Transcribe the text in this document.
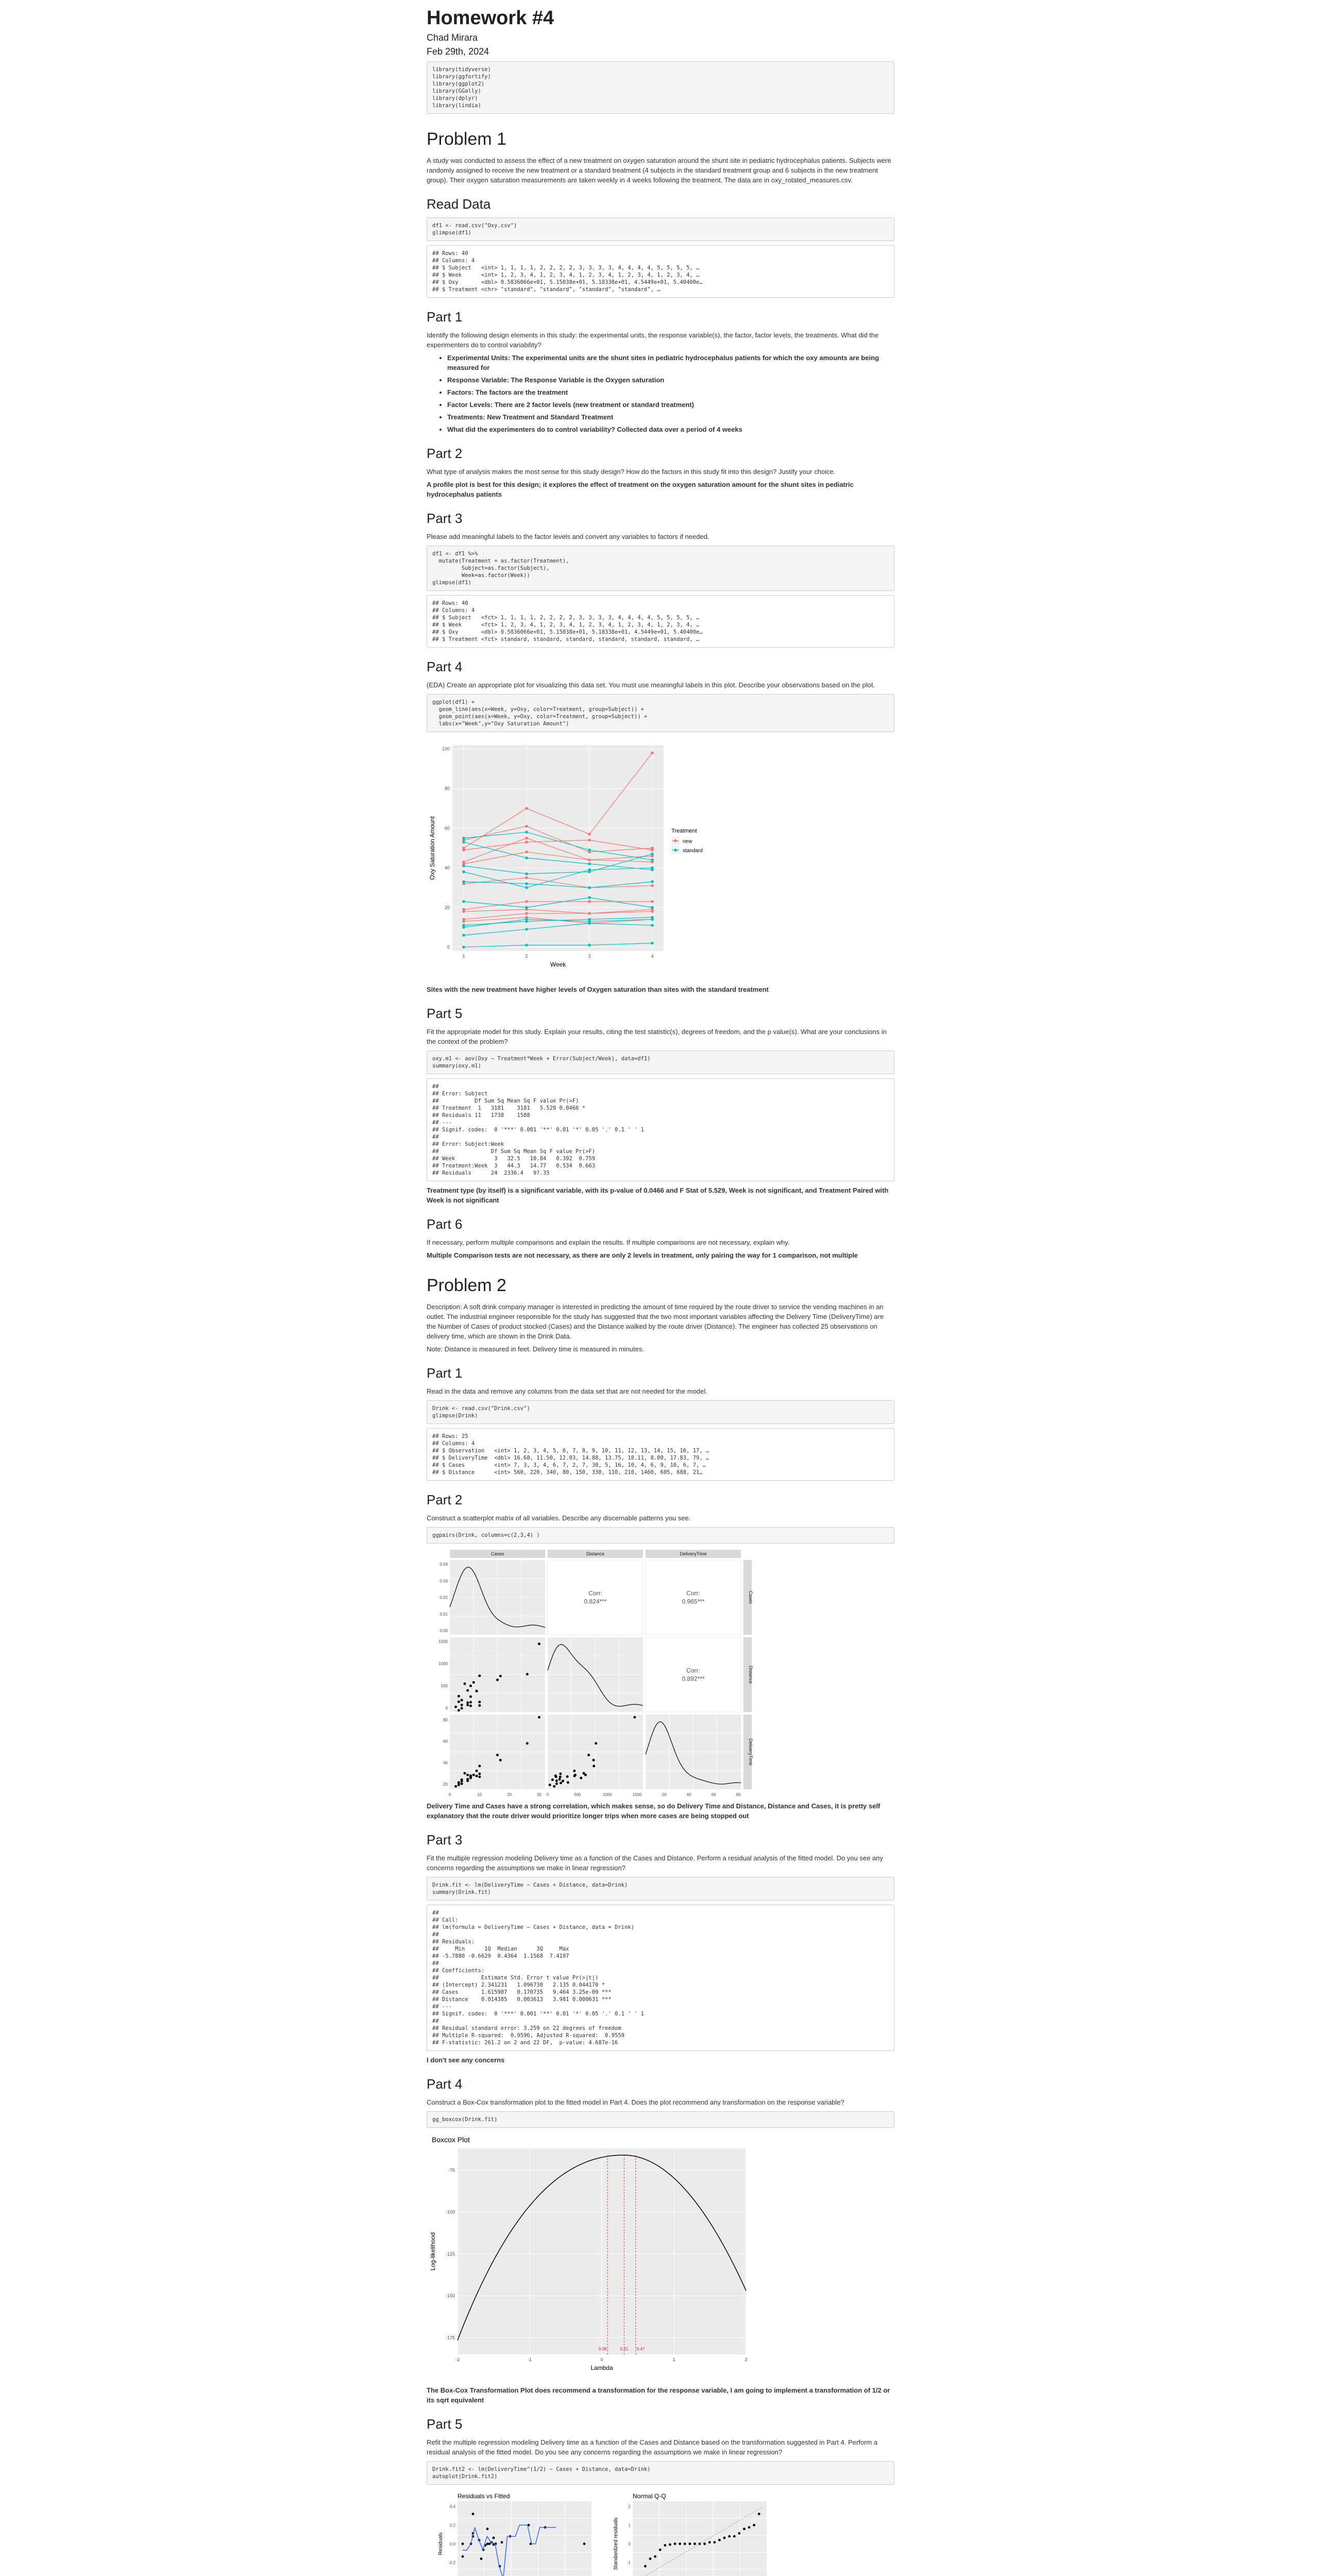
Homework #4
Chad Mirara
Feb 29th, 2024
library(tidyverse)
library(ggfortify)
library(ggplot2)
library(GGally)
library(dplyr)
library(lindia)
Problem 1

A study was conducted to assess the effect of a new treatment on oxygen saturation around the shunt site in pediatric hydrocephalus patients. Subjects were randomly assigned to receive the new treatment or a standard treatment (4 subjects in the standard treatment group and 6 subjects in the new treatment group). Their oxygen saturation measurements are taken weekly in 4 weeks following the treatment. The data are in oxy_rotated_measures.csv.

Read Data
df1 <- read.csv("Oxy.csv")
glimpse(df1)
## Rows: 40
## Columns: 4
## $ Subject   <int> 1, 1, 1, 1, 2, 2, 2, 2, 3, 3, 3, 3, 4, 4, 4, 4, 5, 5, 5, 5, …
## $ Week      <int> 1, 2, 3, 4, 1, 2, 3, 4, 1, 2, 3, 4, 1, 2, 3, 4, 1, 2, 3, 4, …
## $ Oxy       <dbl> 0.5836066e+01, 5.15038e+01, 5.18338e+01, 4.5449e+01, 5.40400e…
## $ Treatment <chr> "standard", "standard", "standard", "standard", …
Part 1

Identify the following design elements in this study: the experimental units, the response variable(s), the factor, factor levels, the treatments. What did the experimenters do to control variability?

• Experimental Units: The experimental units are the shunt sites in pediatric hydrocephalus patients for which the oxy amounts are being measured for
• Response Variable: The Response Variable is the Oxygen saturation
• Factors: The factors are the treatment
• Factor Levels: There are 2 factor levels (new treatment or standard treatment)
• Treatments: New Treatment and Standard Treatment
• What did the experimenters do to control variability? Collected data over a period of 4 weeks
Part 2

What type of analysis makes the most sense for this study design? How do the factors in this study fit into this design? Justify your choice.

A profile plot is best for this design; it explores the effect of treatment on the oxygen saturation amount for the shunt sites in pediatric hydrocephalus patients

Part 3

Please add meaningful labels to the factor levels and convert any variables to factors if needed.

df1 <- df1 %>%
mutate(Treatment = as.factor(Treatment),
Subject=as.factor(Subject),
Week=as.factor(Week))
glimpse(df1)
## Rows: 40
## Columns: 4
## $ Subject   <fct> 1, 1, 1, 1, 2, 2, 2, 2, 3, 3, 3, 3, 4, 4, 4, 4, 5, 5, 5, 5, …
## $ Week      <fct> 1, 2, 3, 4, 1, 2, 3, 4, 1, 2, 3, 4, 1, 2, 3, 4, 1, 2, 3, 4, …
## $ Oxy       <dbl> 0.5836066e+01, 5.15038e+01, 5.18338e+01, 4.5449e+01, 5.40400e…
## $ Treatment <fct> standard, standard, standard, standard, standard, standard, …
Part 4

(EDA) Create an appropriate plot for visualizing this data set. You must use meaningful labels in this plot. Describe your observations based on the plot.

ggplot(df1) +
geom_line(aes(x=Week, y=Oxy, color=Treatment, group=Subject)) +
geom_point(aes(x=Week, y=Oxy, color=Treatment, group=Subject)) +
labs(x="Week",y="Oxy Saturation Amount")
0
20
40
60
80
100
1	2	3	4
Week
Oxy Saturation Amount	Treatment
new
standard

Sites with the new treatment have higher levels of Oxygen saturation than sites with the standard treatment

Part 5

Fit the appropriate model for this study. Explain your results, citing the test statistic(s), degrees of freedom, and the p value(s). What are your conclusions in the context of the problem?

oxy.m1 <- aov(Oxy ~ Treatment*Week + Error(Subject/Week), data=df1)
summary(oxy.m1)
##
## Error: Subject
##           Df Sum Sq Mean Sq F value Pr(>F)
## Treatment  1   3181    3181   5.529 0.0466 *
## Residuals 11   1738    1588
## ---
## Signif. codes:  0 '***' 0.001 '**' 0.01 '*' 0.05 '.' 0.1 ' ' 1
##
## Error: Subject:Week
##                Df Sum Sq Mean Sq F value Pr(>F)
## Week            3   32.5   10.84   0.392  0.759
## Treatment:Week  3   44.3   14.77   0.534  0.663
## Residuals      24  2336.4   97.35

Treatment type (by itself) is a significant variable, with its p-value of 0.0466 and F Stat of 5.529, Week is not significant, and Treatment Paired with Week is not significant

Part 6

If necessary, perform multiple comparisons and explain the results. If multiple comparisons are not necessary, explain why.

Multiple Comparison tests are not necessary, as there are only 2 levels in treatment, only pairing the way for 1 comparison, not multiple

Problem 2

Description: A soft drink company manager is interested in predicting the amount of time required by the route driver to service the vending machines in an outlet. The industrial engineer responsible for the study has suggested that the two most important variables affecting the Delivery Time (DeliveryTime) are the Number of Cases of product stocked (Cases) and the Distance walked by the route driver (Distance). The engineer has collected 25 observations on delivery time, which are shown in the Drink Data.

Note: Distance is measured in feet. Delivery time is measured in minutes.

Part 1

Read in the data and remove any columns from the data set that are not needed for the model.

Drink <- read.csv("Drink.csv")
glimpse(Drink)
## Rows: 25
## Columns: 4
## $ Observation   <int> 1, 2, 3, 4, 5, 6, 7, 8, 9, 10, 11, 12, 13, 14, 15, 16, 17, …
## $ DeliveryTime  <dbl> 16.68, 11.50, 12.03, 14.88, 13.75, 18.11, 8.00, 17.83, 79, …
## $ Cases         <int> 7, 3, 3, 4, 6, 7, 2, 7, 30, 5, 16, 10, 4, 6, 9, 10, 6, 7, …
## $ Distance      <int> 560, 220, 340, 80, 150, 330, 110, 210, 1460, 605, 688, 21…
Part 2

Construct a scatterplot matrix of all variables. Describe any discernable patterns you see.

ggpairs(Drink, columns=c(2,3,4) )
Cases	Distance	DeliveryTime
Cases
Distance
DeliveryTime
Corr:
0.824***
Corr:
0.965***
Corr:
0.892***
0.04
0.03
0.02
0.01
0.00
1500
1000
500
0
80
60
40
20
0	10	20	30 0	500	1000	1500	20	40	60	80

Delivery Time and Cases have a strong correlation, which makes sense, so do Delivery Time and Distance, Distance and Cases, it is pretty self explanatory that the route driver would prioritize longer trips when more cases are being stopped out

Part 3

Fit the multiple regression modeling Delivery time as a function of the Cases and Distance. Perform a residual analysis of the fitted model. Do you see any concerns regarding the assumptions we make in linear regression?

Drink.fit <- lm(DeliveryTime ~ Cases + Distance, data=Drink)
summary(Drink.fit)
##
## Call:
## lm(formula = DeliveryTime ~ Cases + Distance, data = Drink)
##
## Residuals:
##     Min      1Q  Median      3Q     Max
## -5.7880 -0.6629  0.4364  1.1568  7.4197
##
## Coefficients:
##             Estimate Std. Error t value Pr(>|t|)
## (Intercept) 2.341231   1.096730   2.135 0.044170 *
## Cases       1.615907   0.170735   9.464 3.25e-09 ***
## Distance    0.014385   0.003613   3.981 0.000631 ***
## ---
## Signif. codes:  0 '***' 0.001 '**' 0.01 '*' 0.05 '.' 0.1 ' ' 1
##
## Residual standard error: 3.259 on 22 degrees of freedom
## Multiple R-squared:  0.9596, Adjusted R-squared:  0.9559
## F-statistic: 261.2 on 2 and 22 DF,  p-value: 4.687e-16

I don't see any concerns

Part 4

Construct a Box-Cox transformation plot to the fitted model in Part 4. Does the plot recommend any transformation on the response variable?

gg_boxcox(Drink.fit)
Boxcox Plot
-2	-1	0	1	2
-75
-100
-125
-150
-175
0.08	0.31 0.47
Lambda
Log-likelihood

The Box-Cox Transformation Plot does recommend a transformation for the response variable, I am going to implement a transformation of 1/2 or its sqrt equivalent

Part 5

Refit the multiple regression modeling Delivery time as a function of the Cases and Distance based on the transformation suggested in Part 4. Perform a residual analysis of the fitted model. Do you see any concerns regarding the assumptions we make in linear regression?

Drink.fit2 <- lm(DeliveryTime^(1/2) ~ Cases + Distance, data=Drink)
autoplot(Drink.fit2)
Residuals vs Fitted
Residuals
0.4
0.2
0.0
-0.2
Normal Q-Q
Standardized residuals
2
1
0
-1
